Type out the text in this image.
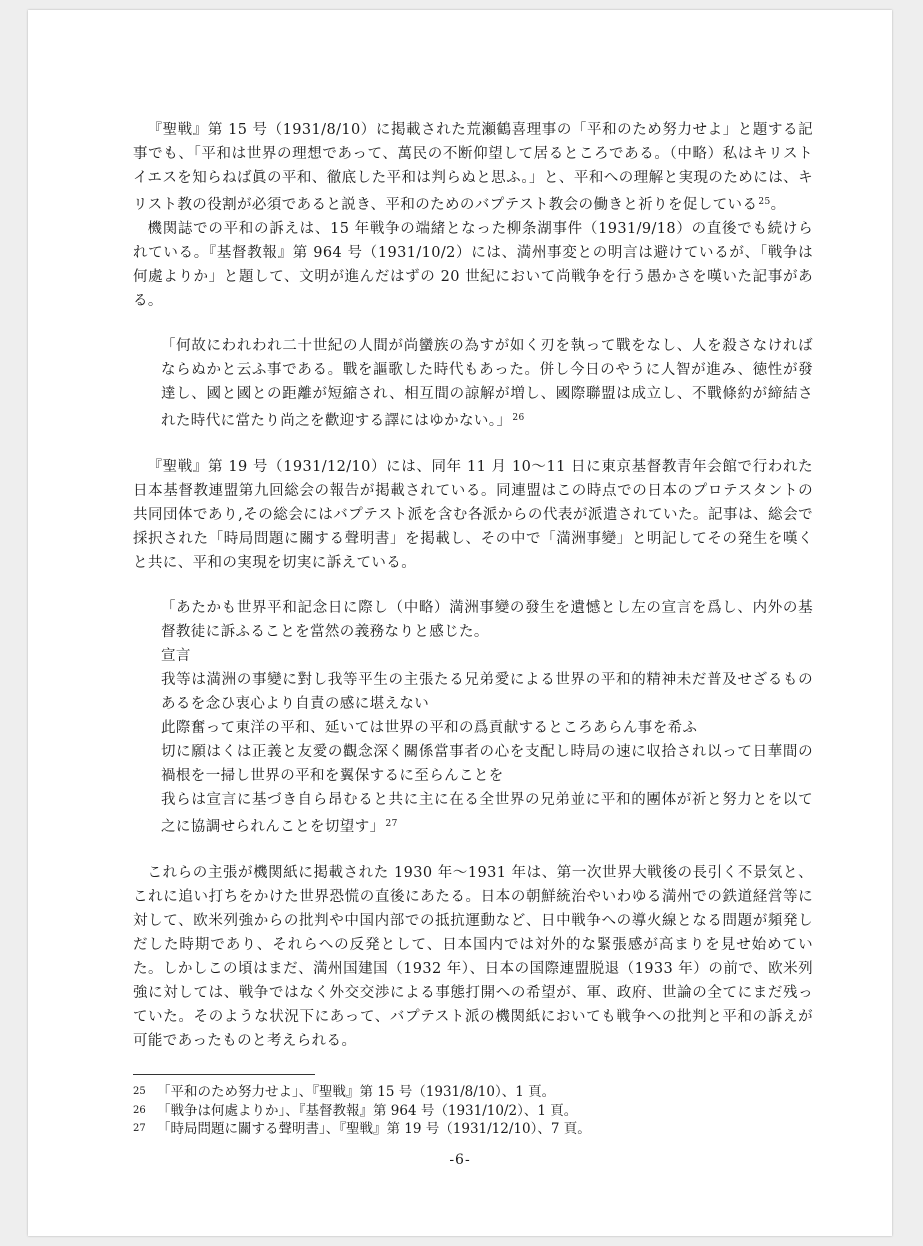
『聖戦』第 15 号（1931/8/10）に掲載された荒瀬鶴喜理事の「平和のため努力せよ」と題する記事でも、「平和は世界の理想であって、萬民の不断仰望して居るところである。（中略）私はキリストイエスを知らねば眞の平和、徹底した平和は判らぬと思ふ。」と、平和への理解と実現のためには、キリスト教の役割が必須であると説き、平和のためのバプテスト教会の働きと祈りを促している$^{25}$。

機関誌での平和の訴えは、15 年戦争の端緒となった柳条湖事件（1931/9/18）の直後でも続けられている。『基督教報』第 964 号（1931/10/2）には、満州事変との明言は避けているが、「戦争は何處よりか」と題して、文明が進んだはずの 20 世紀において尚戦争を行う愚かさを嘆いた記事がある。

「何故にわれわれ二十世紀の人間が尚蠻族の為すが如く刃を執って戰をなし、人を殺さなければならぬかと云ふ事である。戰を謳歌した時代もあった。併し今日のやうに人智が進み、徳性が發達し、國と國との距離が短縮され、相互間の諒解が増し、國際聯盟は成立し、不戰條約が締結された時代に當たり尚之を歡迎する譯にはゆかない。」$^{26}$

『聖戦』第 19 号（1931/12/10）には、同年 11 月 10〜11 日に東京基督教青年会館で行われた日本基督教連盟第九回総会の報告が掲載されている。同連盟はこの時点での日本のプロテスタントの共同団体であり,その総会にはバプテスト派を含む各派からの代表が派遣されていた。記事は、総会で採択された「時局問題に關する聲明書」を掲載し、その中で「満洲事變」と明記してその発生を嘆くと共に、平和の実現を切実に訴えている。

「あたかも世界平和記念日に際し（中略）満洲事變の發生を遺憾とし左の宣言を爲し、内外の基督教徒に訴ふることを當然の義務なりと感じた。

宣言

我等は満洲の事變に對し我等平生の主張たる兄弟愛による世界の平和的精神未だ普及せざるものあるを念ひ衷心より自責の感に堪えない

此際奮って東洋の平和、延いては世界の平和の爲貢献するところあらん事を希ふ

切に願はくは正義と友愛の觀念深く關係當事者の心を支配し時局の速に収拾され以って日華間の禍根を一掃し世界の平和を翼保するに至らんことを

我らは宣言に基づき自ら昂むると共に主に在る全世界の兄弟並に平和的團体が祈と努力とを以て之に協調せられんことを切望す」$^{27}$

これらの主張が機関紙に掲載された 1930 年〜1931 年は、第一次世界大戦後の長引く不景気と、これに追い打ちをかけた世界恐慌の直後にあたる。日本の朝鮮統治やいわゆる満州での鉄道経営等に対して、欧米列強からの批判や中国内部での抵抗運動など、日中戦争への導火線となる問題が頻発しだした時期であり、それらへの反発として、日本国内では対外的な緊張感が高まりを見せ始めていた。しかしこの頃はまだ、満州国建国（1932 年）、日本の国際連盟脱退（1933 年）の前で、欧米列強に対しては、戦争ではなく外交交渉による事態打開への希望が、軍、政府、世論の全てにまだ残っていた。そのような状況下にあって、バプテスト派の機関紙においても戦争への批判と平和の訴えが可能であったものと考えられる。

25 「平和のため努力せよ」、『聖戦』第 15 号（1931/8/10）、1 頁。

26 「戦争は何處よりか」、『基督教報』第 964 号（1931/10/2）、1 頁。

27 「時局問題に關する聲明書」、『聖戦』第 19 号（1931/12/10）、7 頁。

-6-
